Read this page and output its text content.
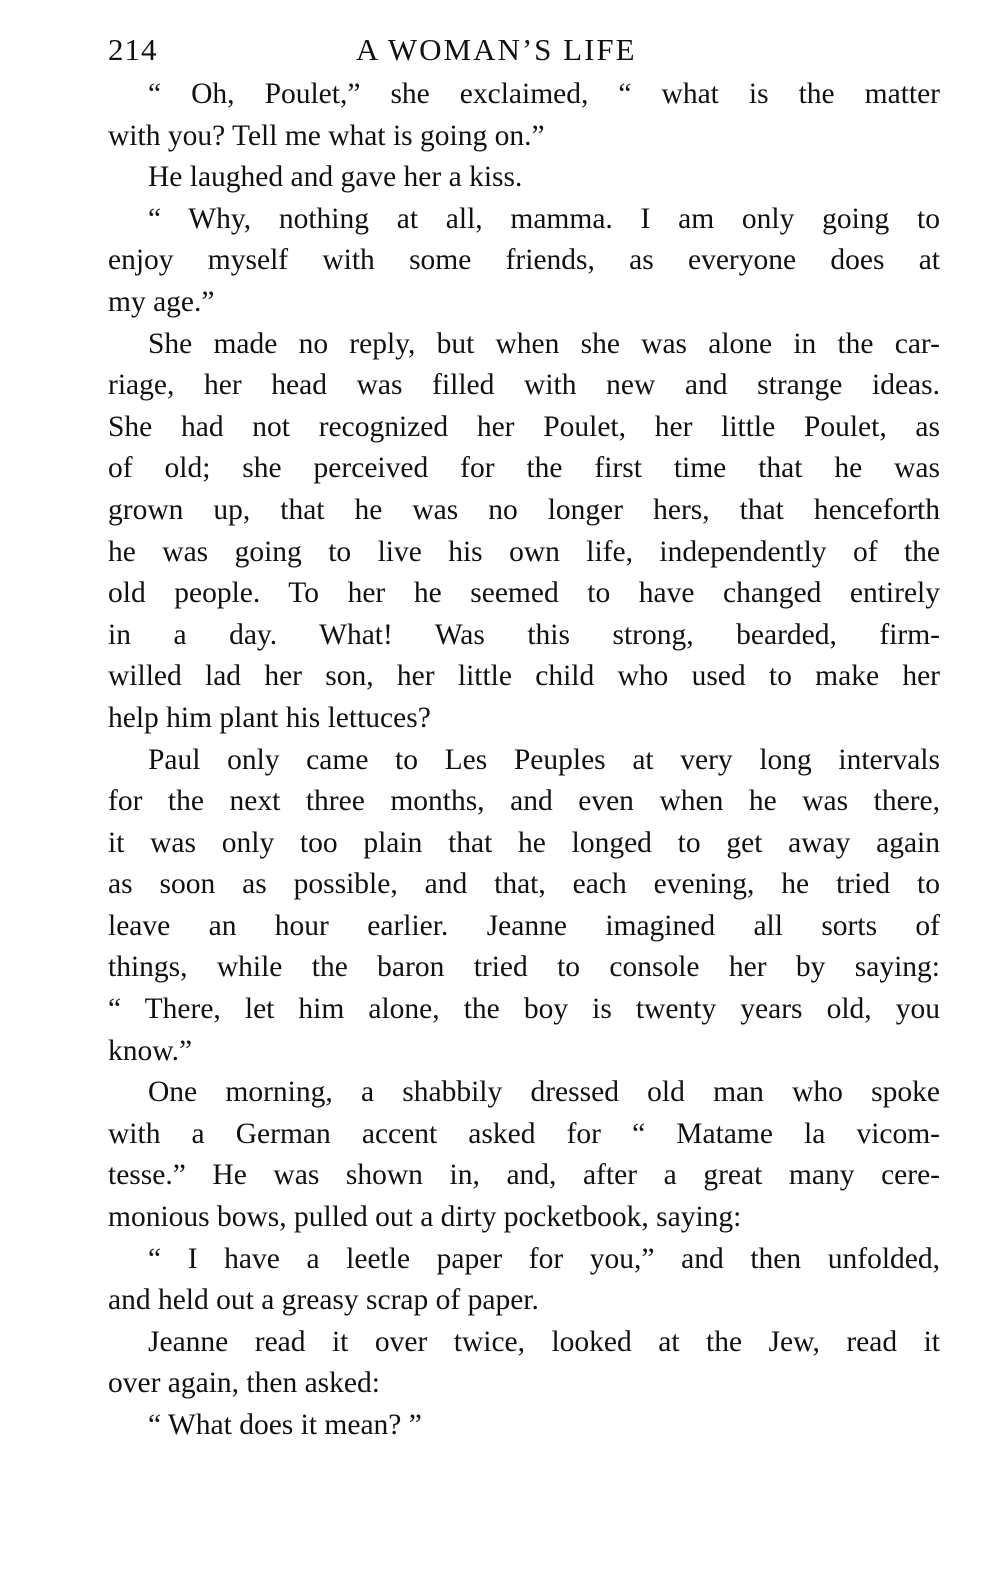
214	A WOMAN’S LIFE
“ Oh, Poulet,” she exclaimed, “ what is the matter
with you? Tell me what is going on.”
He laughed and gave her a kiss.
“ Why, nothing at all, mamma. I am only going to
enjoy myself with some friends, as everyone does at
my age.”
She made no reply, but when she was alone in the car-
riage, her head was filled with new and strange ideas.
She had not recognized her Poulet, her little Poulet, as
of old; she perceived for the first time that he was
grown up, that he was no longer hers, that henceforth
he was going to live his own life, independently of the
old people. To her he seemed to have changed entirely
in a day. What! Was this strong, bearded, firm-
willed lad her son, her little child who used to make her
help him plant his lettuces?
Paul only came to Les Peuples at very long intervals
for the next three months, and even when he was there,
it was only too plain that he longed to get away again
as soon as possible, and that, each evening, he tried to
leave an hour earlier. Jeanne imagined all sorts of
things, while the baron tried to console her by saying:
“ There, let him alone, the boy is twenty years old, you
know.”
One morning, a shabbily dressed old man who spoke
with a German accent asked for “ Matame la vicom-
tesse.” He was shown in, and, after a great many cere-
monious bows, pulled out a dirty pocketbook, saying:
“ I have a leetle paper for you,” and then unfolded,
and held out a greasy scrap of paper.
Jeanne read it over twice, looked at the Jew, read it
over again, then asked:
“ What does it mean? ”
